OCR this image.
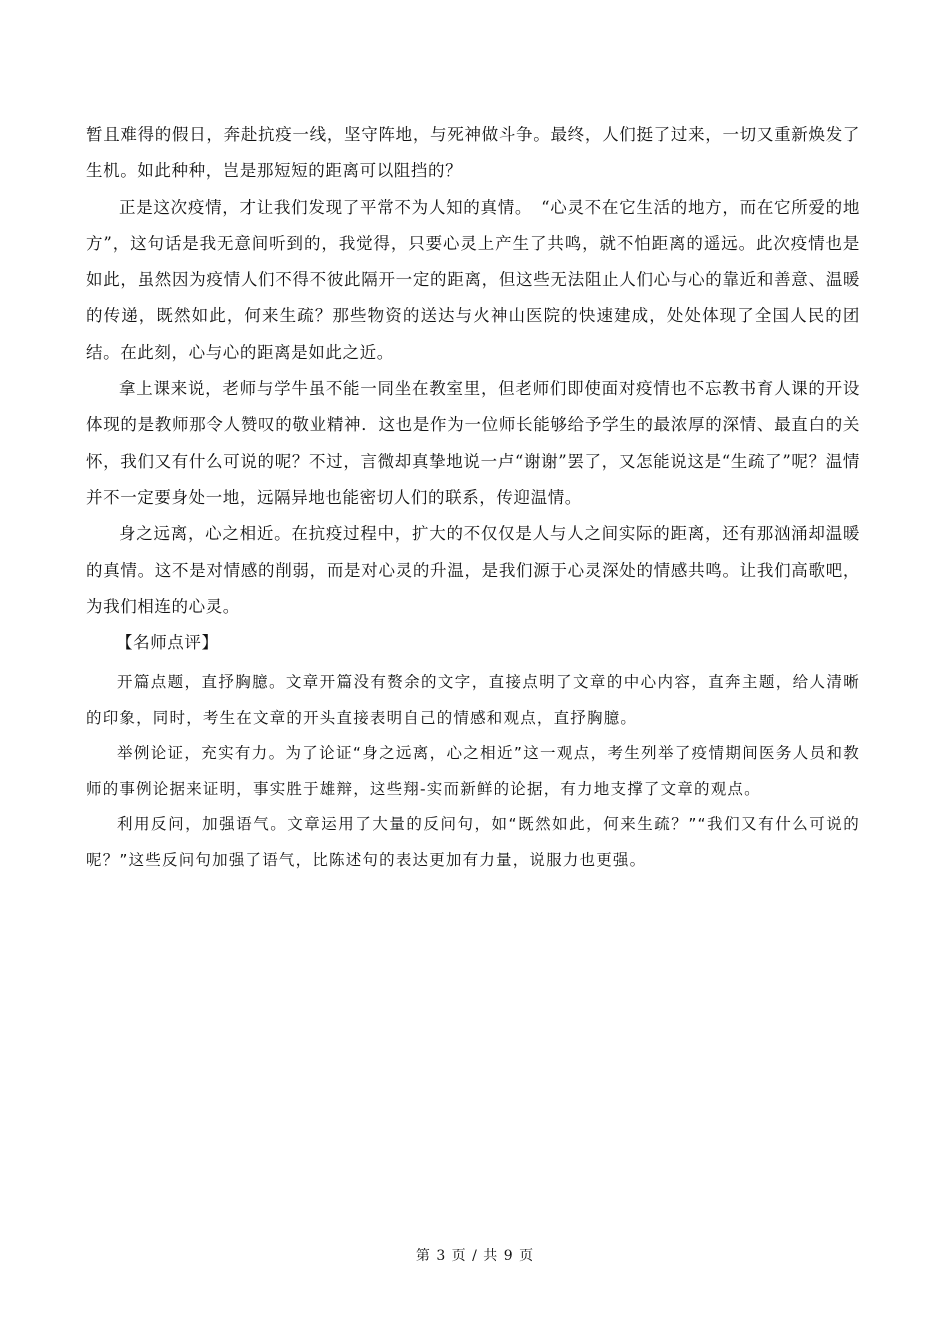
暂且难得的假日，奔赴抗疫一线，坚守阵地，与死神做斗争。最终，人们挺了过来，一切又重新焕发了生机。如此种种，岂是那短短的距离可以阻挡的？

正是这次疫情，才让我们发现了平常不为人知的真情。　“心灵不在它生活的地方，而在它所爱的地方”，这句话是我无意间听到的，我觉得，只要心灵上产生了共鸣，就不怕距离的遥远。此次疫情也是如此，虽然因为疫情人们不得不彼此隔开一定的距离，但这些无法阻止人们心与心的靠近和善意、温暖的传递，既然如此，何来生疏？那些物资的送达与火神山医院的快速建成，处处体现了全国人民的团结。在此刻，心与心的距离是如此之近。

拿上课来说，老师与学牛虽不能一同坐在教室里，但老师们即使面对疫情也不忘教书育人课的开设体现的是教师那令人赞叹的敬业精神．这也是作为一位师长能够给予学生的最浓厚的深情、最直白的关怀，我们又有什么可说的呢？不过，言微却真挚地说一卢“谢谢”罢了，又怎能说这是“生疏了”呢？温情并不一定要身处一地，远隔异地也能密切人们的联系，传迎温情。

身之远离，心之相近。在抗疫过程中，扩大的不仅仅是人与人之间实际的距离，还有那汹涌却温暖的真情。这不是对情感的削弱，而是对心灵的升温，是我们源于心灵深处的情感共鸣。让我们高歌吧，为我们相连的心灵。

【名师点评】

开篇点题，直抒胸臆。文章开篇没有赘余的文字，直接点明了文章的中心内容，直奔主题，给人清晰的印象，同时，考生在文章的开头直接表明自己的情感和观点，直抒胸臆。

举例论证，充实有力。为了论证“身之远离，心之相近”这一观点，考生列举了疫情期间医务人员和教师的事例论据来证明，事实胜于雄辩，这些翔-实而新鲜的论据，有力地支撑了文章的观点。

利用反问，加强语气。文章运用了大量的反问句，如“既然如此，何来生疏？”“我们又有什么可说的呢？”这些反问句加强了语气，比陈述句的表达更加有力量，说服力也更强。

第 3 页 / 共 9 页
